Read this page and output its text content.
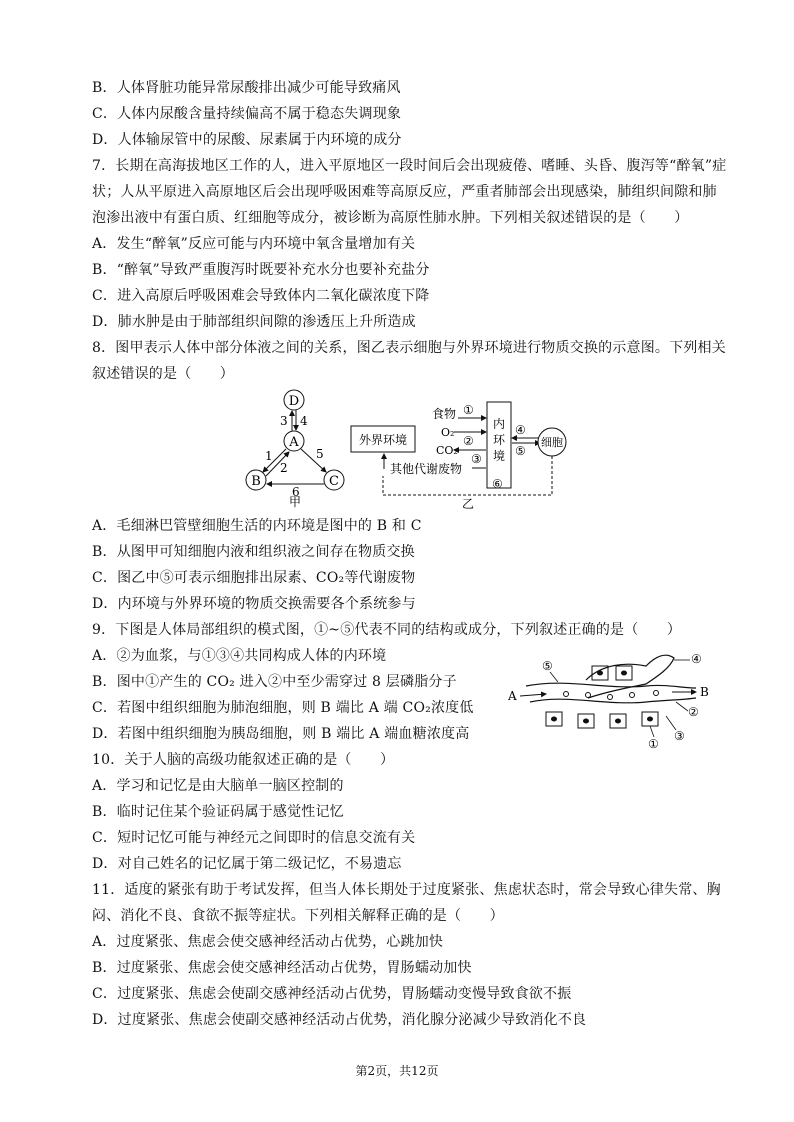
B．人体肾脏功能异常尿酸排出减少可能导致痛风
C．人体内尿酸含量持续偏高不属于稳态失调现象
D．人体输尿管中的尿酸、尿素属于内环境的成分
7．长期在高海拔地区工作的人，进入平原地区一段时间后会出现疲倦、嗜睡、头昏、腹泻等“醉氧”症
状；人从平原进入高原地区后会出现呼吸困难等高原反应，严重者肺部会出现感染，肺组织间隙和肺
泡渗出液中有蛋白质、红细胞等成分，被诊断为高原性肺水肿。下列相关叙述错误的是（　　）
A．发生“醉氧”反应可能与内环境中氧含量增加有关
B．“醉氧”导致严重腹泻时既要补充水分也要补充盐分
C．进入高原后呼吸困难会导致体内二氧化碳浓度下降
D．肺水肿是由于肺部组织间隙的渗透压上升所造成
8．图甲表示人体中部分体液之间的关系，图乙表示细胞与外界环境进行物质交换的示意图。下列相关
叙述错误的是（　　）
D
A
B	C
3 4
1
2
5
6
甲
外界环境
食物
O₂
CO₂
①
②
③
其他代谢废物
内
环
境
内环境
④
⑤
细胞
⑥
乙
A．毛细淋巴管壁细胞生活的内环境是图中的 B 和 C
B．从图甲可知细胞内液和组织液之间存在物质交换
C．图乙中⑤可表示细胞排出尿素、CO₂等代谢废物
D．内环境与外界环境的物质交换需要各个系统参与
9．下图是人体局部组织的模式图，①~⑤代表不同的结构或成分，下列叙述正确的是（　　）
A．②为血浆，与①③④共同构成人体的内环境
B．图中①产生的 CO₂ 进入②中至少需穿过 8 层磷脂分子
C．若图中组织细胞为肺泡细胞，则 B 端比 A 端 CO₂浓度低
D．若图中组织细胞为胰岛细胞，则 B 端比 A 端血糖浓度高
⑤	④
A	B
②
③
①
10．关于人脑的高级功能叙述正确的是（　　）
A．学习和记忆是由大脑单一脑区控制的
B．临时记住某个验证码属于感觉性记忆
C．短时记忆可能与神经元之间即时的信息交流有关
D．对自己姓名的记忆属于第二级记忆，不易遗忘
11．适度的紧张有助于考试发挥，但当人体长期处于过度紧张、焦虑状态时，常会导致心律失常、胸
闷、消化不良、食欲不振等症状。下列相关解释正确的是（　　）
A．过度紧张、焦虑会使交感神经活动占优势，心跳加快
B．过度紧张、焦虑会使交感神经活动占优势，胃肠蠕动加快
C．过度紧张、焦虑会使副交感神经活动占优势，胃肠蠕动变慢导致食欲不振
D．过度紧张、焦虑会使副交感神经活动占优势，消化腺分泌减少导致消化不良
第2页，共12页
